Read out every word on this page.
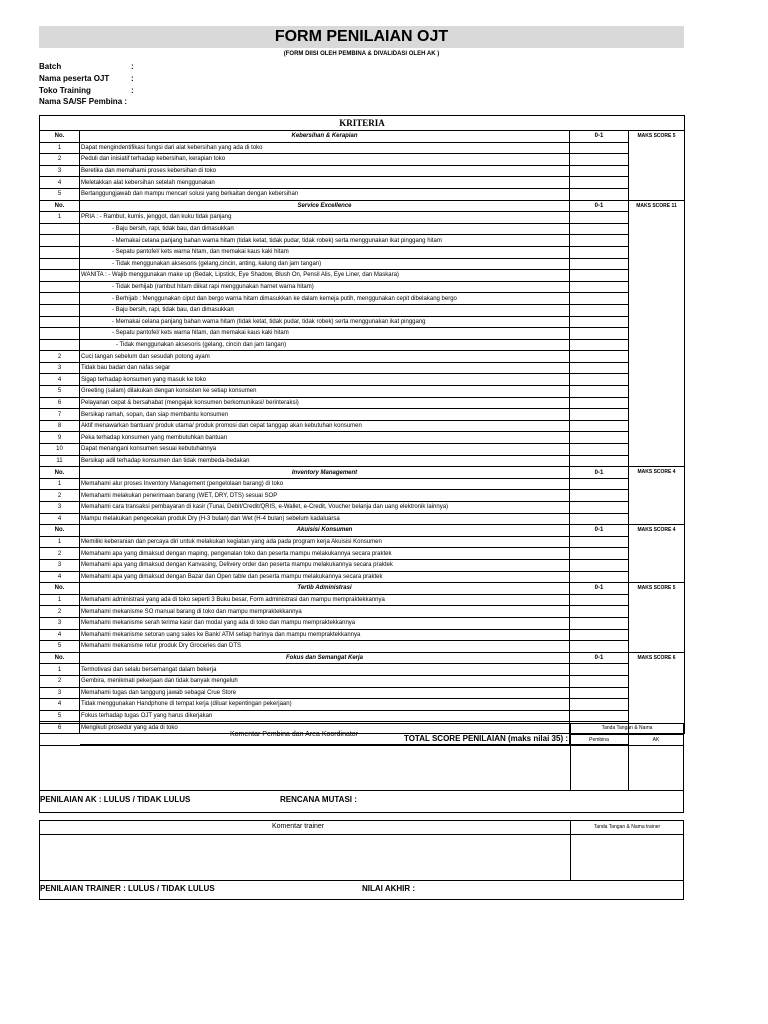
FORM PENILAIAN OJT
(FORM DIISI OLEH PEMBINA & DIVALIDASI OLEH AK )
Batch	:
Nama peserta OJT	:
Toko Training	:
Nama SA/SF Pembina :
KRITERIA			
No.	Kebersihan & Kerapian	0-1	MAKS SCORE 5
1	Dapat mengindentifikasi fungsi dari alat kebersihan yang ada di toko		
2	Peduli dan inisiatif terhadap kebersihan, kerapian toko		
3	Beretika dan memahami proses kebersihan di toko		
4	Meletakkan alat kebersihan setelah menggunakan		
5	Bertanggungjawab dan mampu mencari solusi yang berkaitan dengan kebersihan		
No.	Service Excellence	0-1	MAKS SCORE 11
1	PRIA : - Rambut, kumis, jenggot, dan kuku tidak panjang		
	- Baju bersih, rapi, tidak bau, dan dimasukkan		
	- Memakai celana panjang bahan warna hitam (tidak ketat, tidak pudar, tidak robek) serta menggunakan ikat pinggang hitam		
	- Sepatu pantofel/ kets warna hitam, dan memakai kaus kaki hitam		
	- Tidak menggunakan aksesoris (gelang,cincin, anting, kalung dan jam tangan)		
	WANITA : - Wajib menggunakan make up (Bedak, Lipstick, Eye Shadow, Blush On, Pensil Alis, Eye Liner, dan Maskara)		
	- Tidak berhijab (rambut hitam diikat rapi menggunakan harnet warna hitam)		
	- Berhijab : Menggunakan ciput dan bergo warna hitam dimasukkan ke dalam kemeja putih, menggunakan cepit dibelakang bergo		
	- Baju bersih, rapi, tidak bau, dan dimasukkan		
	- Memakai celana panjang bahan warna hitam (tidak ketat, tidak pudar, tidak robek) serta menggunakan ikat pinggang		
	- Sepatu pantofel/ kets warna hitam, dan memakai kaus kaki hitam		
	- Tidak menggunakan aksesoris (gelang, cincin dan jam tangan)		
2	Cuci tangan sebelum dan sesudah potong ayam		
3	Tidak bau badan dan nafas segar		
4	Sigap terhadap konsumen yang masuk ke toko		
5	Greeting (salam) dilakukan dengan konsisten ke setiap konsumen		
6	Pelayanan cepat & bersahabat (mengajak konsumen berkomunikasi/ berinteraksi)		
7	Bersikap ramah, sopan, dan siap membantu konsumen		
8	Aktif menawarkan bantuan/ produk utama/ produk promosi dan cepat tanggap akan kebutuhan konsumen		
9	Peka terhadap konsumen yang membutuhkan bantuan		
10	Dapat menangani konsumen sesuai kebutuhannya		
11	Bersikap adil terhadap konsumen dan tidak membeda-bedakan		
No.	Inventory Management	0-1	MAKS SCORE 4
1	Memahami alur proses Inventory Management (pengelolaan barang) di toko		
2	Memahami melakukan penerimaan barang (WET, DRY, DTS) sesuai SOP		
3	Memahami cara transaksi pembayaran di kasir (Tunai, Debit/Credit/QRIS, e-Wallet, e-Credit, Voucher belanja dan uang elektronik lainnya)		
4	Mampu melakukan pengecekan produk Dry (H-3 bulan) dan Wet (H-4 bulan) sebelum kadaluarsa		
No.	Akuisisi Konsumen	0-1	MAKS SCORE 4
1	Memiliki keberanian dan percaya diri untuk melakukan kegiatan yang ada pada program kerja Akuisisi Konsumen		
2	Memahami apa yang dimaksud dengan maping, pengenalan toko dan peserta mampu melakukannya secara praktek		
3	Memahami apa yang dimaksud dengan Kanvasing, Delivery order dan peserta mampu melakukannya secara praktek		
4	Memahami apa yang dimaksud dengan Bazar dan Open table dan peserta mampu melakukannya secara praktek		
No.	Tertib Administrasi	0-1	MAKS SCORE 5
1	Memahami administrasi yang ada di toko seperti 3 Buku besar, Form administrasi dan mampu mempraktekkannya		
2	Memahami mekanisme SO manual barang di toko dan mampu mempraktekkannya		
3	Memahami mekanisme serah terima kasir dan modal yang ada di toko dan mampu mempraktekkannya		
4	Memahami mekanisme setoran uang sales ke Bank/ ATM setiap harinya dan mampu mempraktekkannya		
5	Memahami mekanisme retur produk Dry Groceries dan DTS		
No.	Fokus dan Semangat Kerja	0-1	MAKS SCORE 6
1	Termotivasi dan selalu bersemangat dalam bekerja		
2	Gembira, menikmati pekerjaan dan tidak banyak mengeluh		
3	Memahami tugas dan tanggung jawab sebagai Crue Store		
4	Tidak menggunakan Handphone di tempat kerja (diluar kepentingan pekerjaan)		
5	Fokus terhadap tugas OJT yang harus dikerjakan		
6	Mengikuti prosedur yang ada di toko		
	TOTAL SCORE PENILAIAN (maks nilai 35) :		
Komentar Pembina dan Area Koordinator
Tanda Tangan & Nama
Pembina	AK
PENILAIAN AK : LULUS / TIDAK LULUS	RENCANA MUTASI :
Komentar trainer	Tanda Tangan & Nama trainer
PENILAIAN TRAINER : LULUS / TIDAK LULUS	NILAI AKHIR :
